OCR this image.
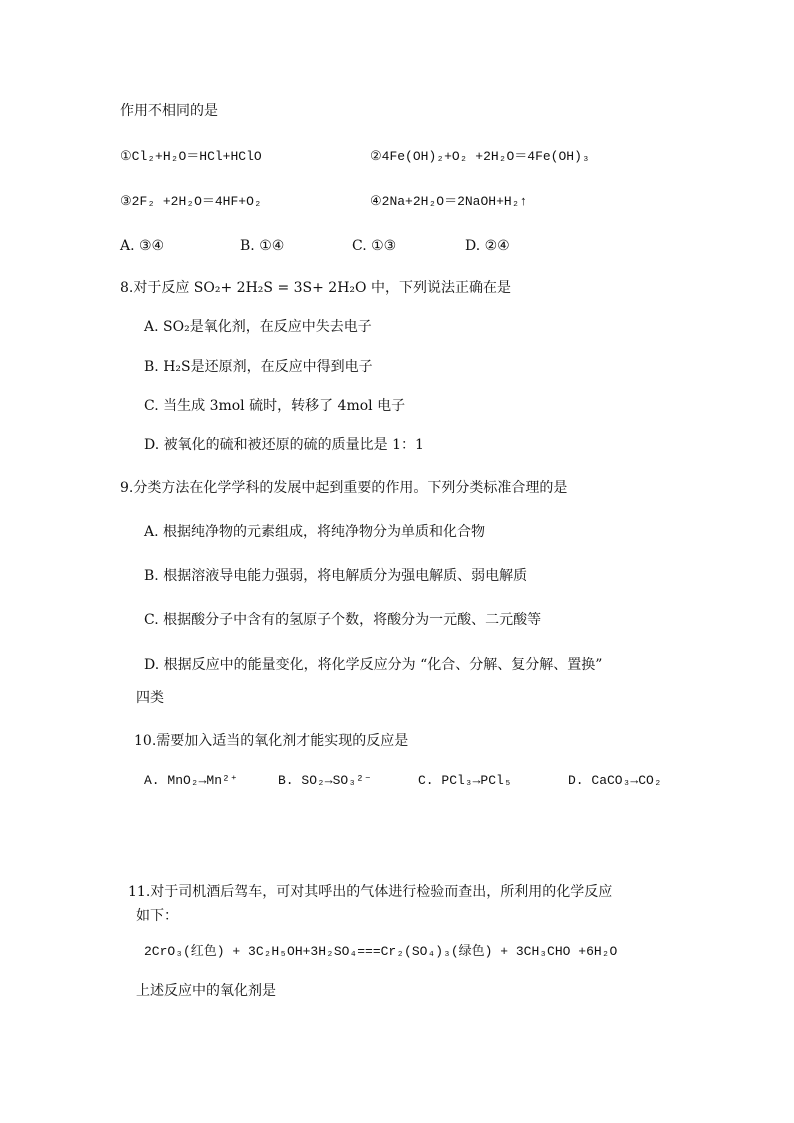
作用不相同的是
①Cl₂+H₂O＝HCl+HClO	②4Fe(OH)₂+O₂ +2H₂O＝4Fe(OH)₃
③2F₂ +2H₂O＝4HF+O₂	④2Na+2H₂O＝2NaOH+H₂↑
A. ③④	B. ①④	C. ①③	D. ②④
8.对于反应 SO₂+ 2H₂S = 3S+ 2H₂O 中，下列说法正确在是
A. SO₂是氧化剂，在反应中失去电子
B. H₂S是还原剂，在反应中得到电子
C. 当生成 3mol 硫时，转移了 4mol 电子
D. 被氧化的硫和被还原的硫的质量比是 1：1
9.分类方法在化学学科的发展中起到重要的作用。下列分类标准合理的是
A. 根据纯净物的元素组成，将纯净物分为单质和化合物
B. 根据溶液导电能力强弱，将电解质分为强电解质、弱电解质
C. 根据酸分子中含有的氢原子个数，将酸分为一元酸、二元酸等
D. 根据反应中的能量变化，将化学反应分为 “化合、分解、复分解、置换”
四类
10.需要加入适当的氧化剂才能实现的反应是
A. MnO₂→Mn²⁺	B. SO₂→SO₃²⁻	C. PCl₃→PCl₅	D. CaCO₃→CO₂
11.对于司机酒后驾车，可对其呼出的气体进行检验而查出，所利用的化学反应
如下：
2CrO₃(红色) + 3C₂H₅OH+3H₂SO₄===Cr₂(SO₄)₃(绿色) + 3CH₃CHO +6H₂O
上述反应中的氧化剂是
